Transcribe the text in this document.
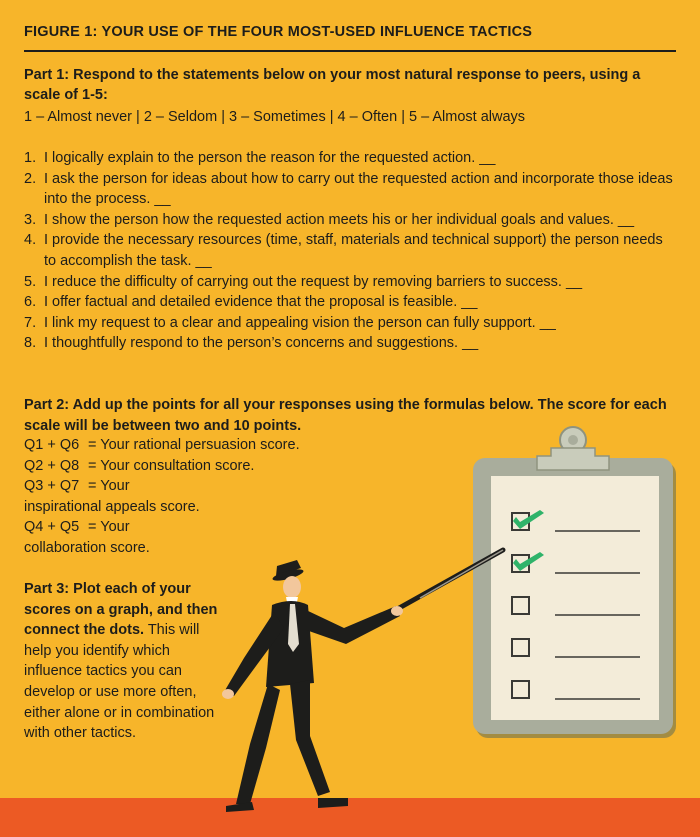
FIGURE 1: YOUR USE OF THE FOUR MOST-USED INFLUENCE TACTICS
Part 1: Respond to the statements below on your most natural response to peers, using a scale of 1-5:
1 – Almost never | 2 – Seldom | 3 – Sometimes | 4 – Often | 5 – Almost always
1. I logically explain to the person the reason for the requested action. __
2. I ask the person for ideas about how to carry out the requested action and incorporate those ideas into the process. __
3. I show the person how the requested action meets his or her individual goals and values. __
4. I provide the necessary resources (time, staff, materials and technical support) the person needs to accomplish the task. __
5. I reduce the difficulty of carrying out the request by removing barriers to success. __
6. I offer factual and detailed evidence that the proposal is feasible. __
7. I link my request to a clear and appealing vision the person can fully support. __
8. I thoughtfully respond to the person’s concerns and suggestions. __
Part 2: Add up the points for all your responses using the formulas below. The score for each scale will be between two and 10 points.
Q1 + Q6 = Your rational persuasion score.
Q2 + Q8 = Your consultation score.
Q3 + Q7 = Your
inspirational appeals score.
Q4 + Q5 = Your
collaboration score.
Part 3: Plot each of your scores on a graph, and then connect the dots. This will help you identify which influence tactics you can develop or use more often, either alone or in combination with other tactics.
